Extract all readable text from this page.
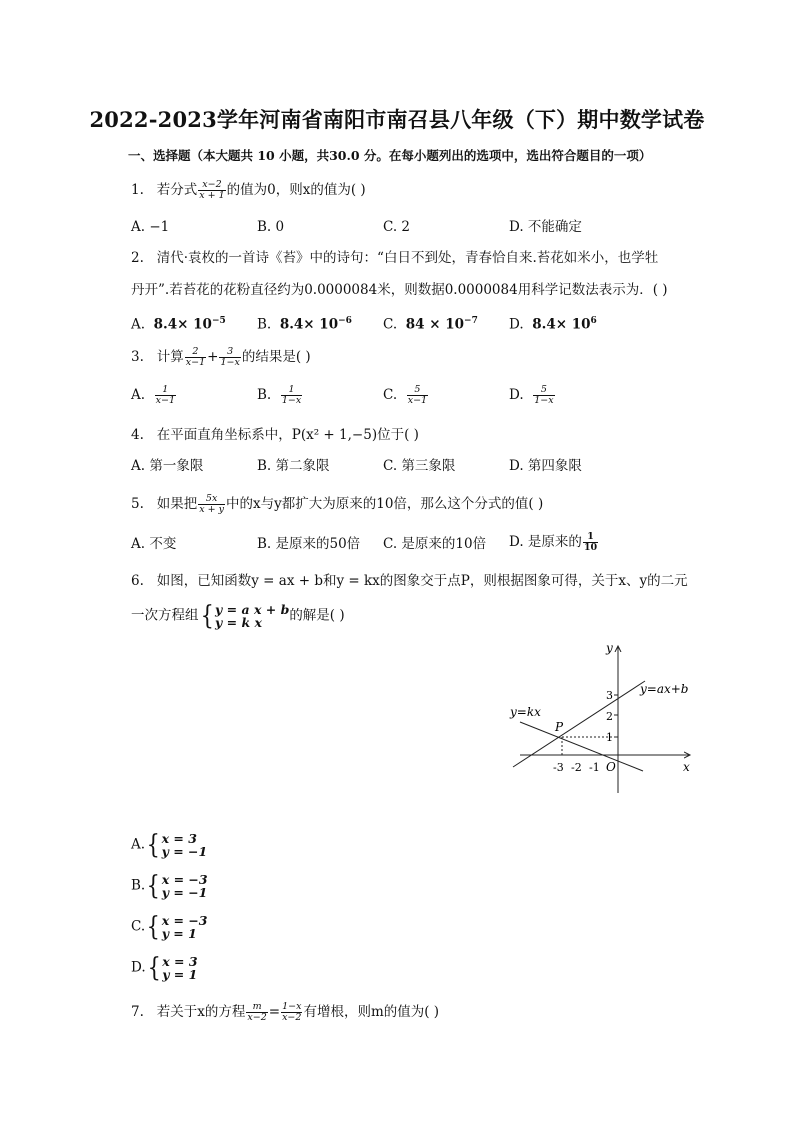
2022-2023学年河南省南阳市南召县八年级（下）期中数学试卷
一、选择题（本大题共 10 小题，共30.0 分。在每小题列出的选项中，选出符合题目的一项）
1. 若分式 $\frac{x-2}{x + 1}$ 的值为0，则x的值为( )
A. −1	B. 0	C. 2	D. 不能确定
2. 清代·袁枚的一首诗《苔》中的诗句：“白日不到处，青春恰自来.苔花如米小，也学牡
丹开”.若苔花的花粉直径约为0.0000084米，则数据0.0000084用科学记数法表示为．( )
A. $8.4\times 10^{-5}$ B. $8.4\times 10^{-6}$ C. $84 \times 10^{-7}$ D. $8.4\times 10^6$
3. 计算 $\frac{2}{x-1} + \frac{3}{1-x}$ 的结果是( )
A. $\frac{1}{x-1}$	B. $\frac{1}{1-x}$	C. $\frac{5}{x-1}$	D. $\frac{5}{1-x}$
4. 在平面直角坐标系中，P(x² + 1,−5)位于( )
A. 第一象限	B. 第二象限	C. 第三象限	D. 第四象限
5. 如果把 $\frac{5x}{x + y}$ 中的x与y都扩大为原来的10倍，那么这个分式的值( )
A. 不变	B. 是原来的50倍 C. 是原来的10倍 D. 是原来的 $\frac{1}{10}$
6. 如图，已知函数y = ax + b和y = kx的图象交于点P，则根据图象可得，关于x、y的二元
一次方程组{ y = a x + b
y = k x	的解是( )
y
x
O
3
2
1
-3 -2 -1
P
y=ax+b
y=kx
A.{ x = 3
y = −1
B.{ x = −3
y = −1
C.{ x = −3
y = 1
D.{ x = 3
y = 1
7. 若关于x的方程 $\frac{m}{x-2} = \frac{1-x}{x-2}$ 有增根，则m的值为( )
